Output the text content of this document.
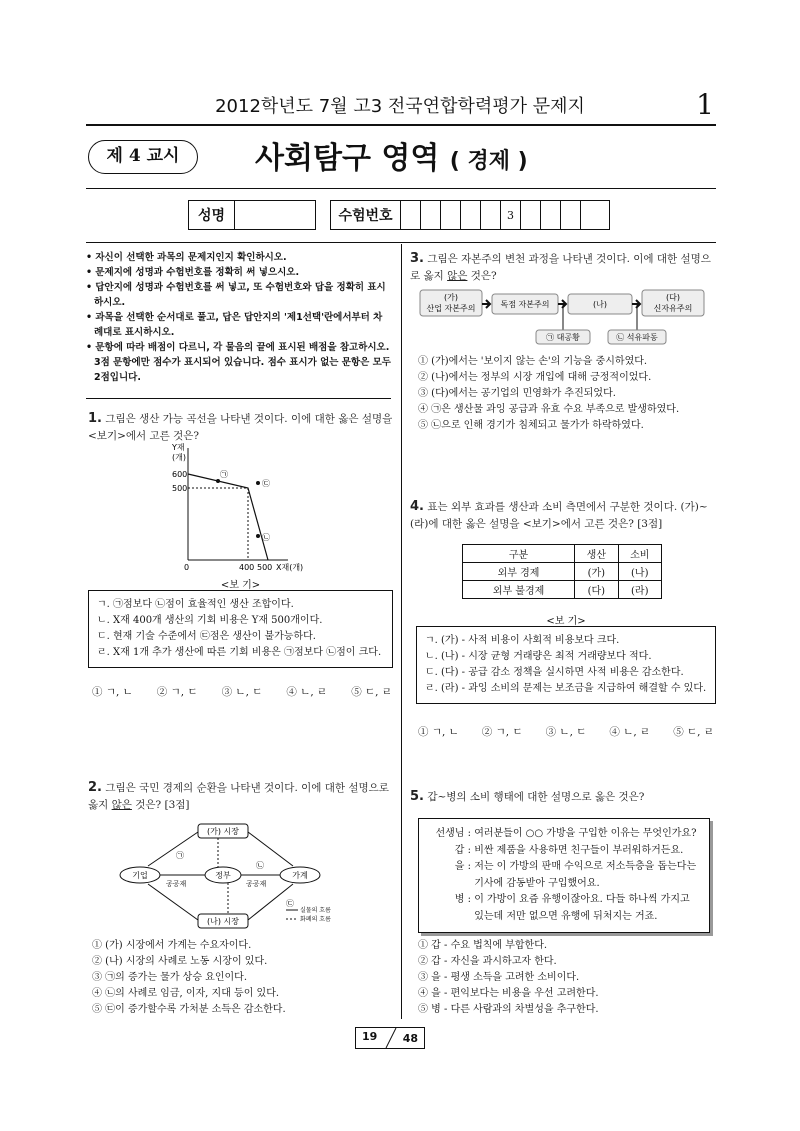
2012학년도 7월 고3 전국연합학력평가 문제지	1
제 4 교시	사회탐구 영역 ( 경제 )
성명	수험번호	3
• 자신이 선택한 과목의 문제지인지 확인하시오.
• 문제지에 성명과 수험번호를 정확히 써 넣으시오.
• 답안지에 성명과 수험번호를 써 넣고, 또 수험번호와 답을 정확히 표시하시오.
• 과목을 선택한 순서대로 풀고, 답은 답안지의 '제1선택'란에서부터 차례대로 표시하시오.
• 문항에 따라 배점이 다르니, 각 물음의 끝에 표시된 배점을 참고하시오. 3점 문항에만 점수가 표시되어 있습니다. 점수 표시가 없는 문항은 모두 2점입니다.
1. 그림은 생산 가능 곡선을 나타낸 것이다. 이에 대한 옳은 설명을 <보기>에서 고른 것은?
Y재
(개)
600
500
0	400 500 X재(개)
㉠
㉡
㉢
<보 기>
ㄱ. ㉠점보다 ㉡점이 효율적인 생산 조합이다.
ㄴ. X재 400개 생산의 기회 비용은 Y재 500개이다.
ㄷ. 현재 기술 수준에서 ㉢점은 생산이 불가능하다.
ㄹ. X재 1개 추가 생산에 따른 기회 비용은 ㉠점보다 ㉡점이 크다.
① ㄱ, ㄴ ② ㄱ, ㄷ ③ ㄴ, ㄷ ④ ㄴ, ㄹ ⑤ ㄷ, ㄹ
2. 그림은 국민 경제의 순환을 나타낸 것이다. 이에 대한 설명으로 옳지 않은 것은? [3점]
(가) 시장
(나) 시장
기업	정부	가계
공공재	공공재
㉠
㉡
㉢
실물의 흐름
화폐의 흐름
① (가) 시장에서 가계는 수요자이다.
② (나) 시장의 사례로 노동 시장이 있다.
③ ㉠의 증가는 물가 상승 요인이다.
④ ㉡의 사례로 임금, 이자, 지대 등이 있다.
⑤ ㉢이 증가할수록 가처분 소득은 감소한다.
3. 그림은 자본주의 변천 과정을 나타낸 것이다. 이에 대한 설명으로 옳지 않은 것은?
(가)
산업 자본주의	독점 자본주의	(나)
(다)
신자유주의
㉠ 대공황	㉡ 석유파동
① (가)에서는 '보이지 않는 손'의 기능을 중시하였다.
② (나)에서는 정부의 시장 개입에 대해 긍정적이었다.
③ (다)에서는 공기업의 민영화가 추진되었다.
④ ㉠은 생산물 과잉 공급과 유효 수요 부족으로 발생하였다.
⑤ ㉡으로 인해 경기가 침체되고 물가가 하락하였다.
4. 표는 외부 효과를 생산과 소비 측면에서 구분한 것이다. (가)~(라)에 대한 옳은 설명을 <보기>에서 고른 것은? [3점]
구분	생산	소비
외부 경제	(가)	(나)
외부 불경제	(다)	(라)
<보 기>
ㄱ. (가) - 사적 비용이 사회적 비용보다 크다.
ㄴ. (나) - 시장 균형 거래량은 최적 거래량보다 적다.
ㄷ. (다) - 공급 감소 정책을 실시하면 사적 비용은 감소한다.
ㄹ. (라) - 과잉 소비의 문제는 보조금을 지급하여 해결할 수 있다.
① ㄱ, ㄴ ② ㄱ, ㄷ ③ ㄴ, ㄷ ④ ㄴ, ㄹ ⑤ ㄷ, ㄹ
5. 갑~병의 소비 행태에 대한 설명으로 옳은 것은?
선생님 :
여러분들이 ○○ 가방을 구입한 이유는 무엇인가요?
갑 :
비싼 제품을 사용하면 친구들이 부러워하거든요.
을 :
저는 이 가방의 판매 수익으로 저소득층을 돕는다는 기사에 감동받아 구입했어요.
병 :
이 가방이 요즘 유행이잖아요. 다들 하나씩 가지고 있는데 저만 없으면 유행에 뒤처지는 거죠.
① 갑 - 수요 법칙에 부합한다.
② 갑 - 자신을 과시하고자 한다.
③ 을 - 평생 소득을 고려한 소비이다.
④ 을 - 편익보다는 비용을 우선 고려한다.
⑤ 병 - 다른 사람과의 차별성을 추구한다.
19 48
